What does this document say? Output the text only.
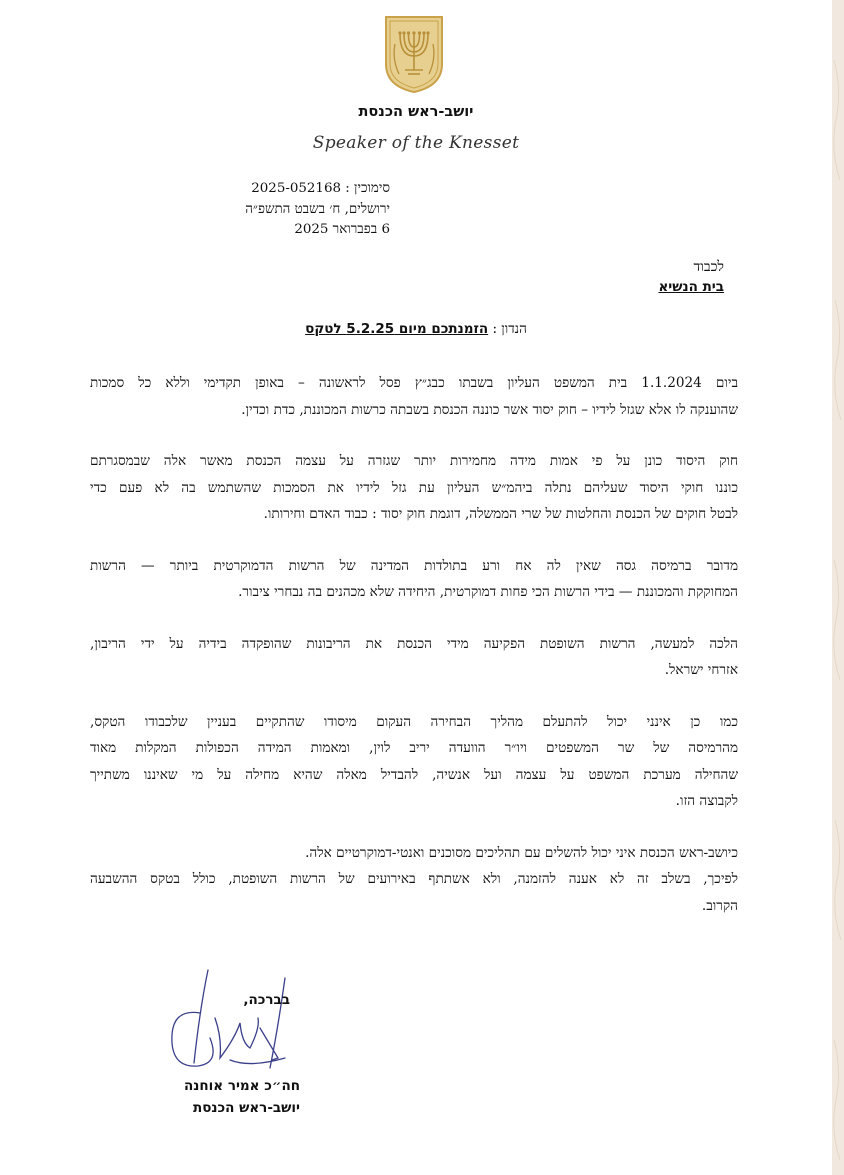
יושב-ראש הכנסת
Speaker of the Knesset
סימוכין : 2025-052168
ירושלים, ח׳ בשבט התשפ״ה
6 בפברואר 2025
לכבוד
בית הנשיא
הנדון : הזמנתכם מיום 5.2.25 לטקס
ביום 1.1.2024 בית המשפט העליון בשבתו כבג״ץ פסל לראשונה – באופן תקדימי וללא כל סמכות
שהוענקה לו אלא שגזל לידיו – חוק יסוד אשר כוננה הכנסת בשבתה כרשות המכוננת, כדת וכדין.
חוק היסוד כונן על פי אמות מידה מחמירות יותר שגזרה על עצמה הכנסת מאשר אלה שבמסגרתם
כוננו חוקי היסוד שעליהם נתלה ביהמ״ש העליון עת גזל לידיו את הסמכות שהשתמש בה לא פעם כדי
לבטל חוקים של הכנסת והחלטות של שרי הממשלה, דוגמת חוק יסוד : כבוד האדם וחירותו.
מדובר ברמיסה גסה שאין לה אח ורע בתולדות המדינה של הרשות הדמוקרטית ביותר — הרשות
המחוקקת והמכוננת — בידי הרשות הכי פחות דמוקרטית, היחידה שלא מכהנים בה נבחרי ציבור.
הלכה למעשה, הרשות השופטת הפקיעה מידי הכנסת את הריבונות שהופקדה בידיה על ידי הריבון,
אזרחי ישראל.
כמו כן אינני יכול להתעלם מהליך הבחירה העקום מיסודו שהתקיים בעניין שלכבודו הטקס,
מהרמיסה של שר המשפטים ויו״ר הוועדה יריב לוין, ומאמות המידה הכפולות המקלות מאוד
שהחילה מערכת המשפט על עצמה ועל אנשיה, להבדיל מאלה שהיא מחילה על מי שאיננו משתייך
לקבוצה הזו.
כיושב-ראש הכנסת איני יכול להשלים עם תהליכים מסוכנים ואנטי-דמוקרטיים אלה.
לפיכך, בשלב זה לא אענה להזמנה, ולא אשתתף באירועים של הרשות השופטת, כולל בטקס ההשבעה
הקרוב.
בברכה,
חה״כ אמיר אוחנה
יושב-ראש הכנסת
